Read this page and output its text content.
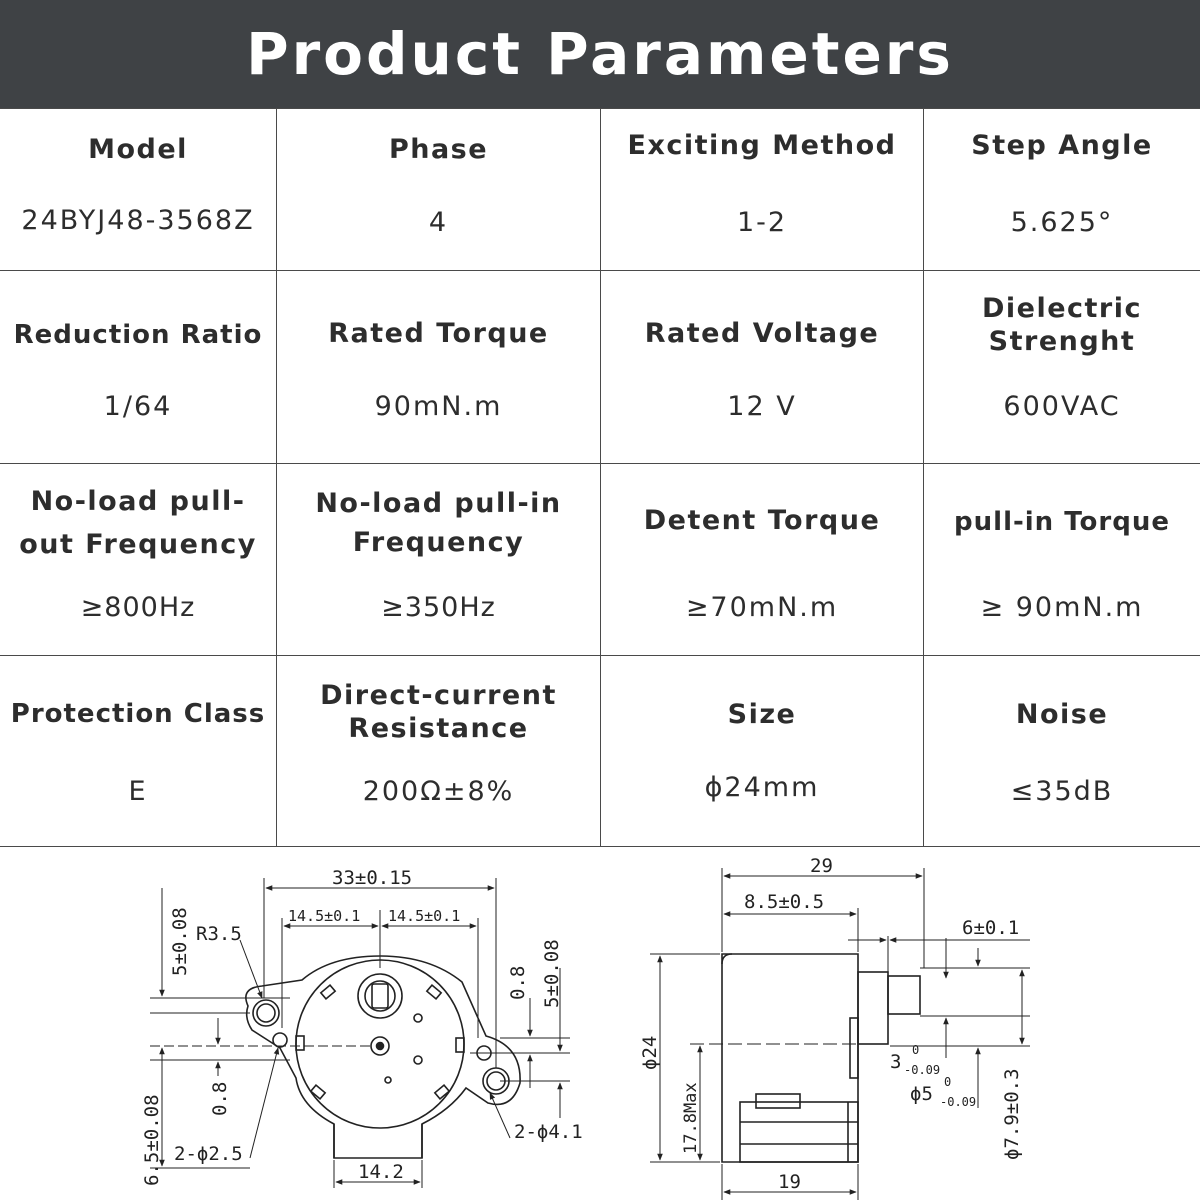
Product Parameters
Model
24BYJ48-3568Z
Phase
4
Exciting Method
1-2
Step Angle
5.625°
Reduction Ratio
1/64
Rated Torque
90mN.m
Rated Voltage
12 V
Dielectric
Strenght
600VAC
No-load pull-
out Frequency
≥800Hz
No-load pull-in
Frequency
≥350Hz
Detent Torque
≥70mN.m
pull-in Torque
≥ 90mN.m
Protection Class
E
Direct-current
Resistance
200Ω±8%
Size
ϕ24mm
Noise
≤35dB
33±0.15
14.5±0.1 14.5±0.1
R3.5
5±0.08
0.8
6.5±0.08 2-ϕ2.5
0.8 5±0.08
2-ϕ4.1
14.2
29
8.5±0.5
6±0.1
ϕ24
17.8Max
19
3
0
-0.09
ϕ5
0
-0.09 ϕ7.9±0.3
